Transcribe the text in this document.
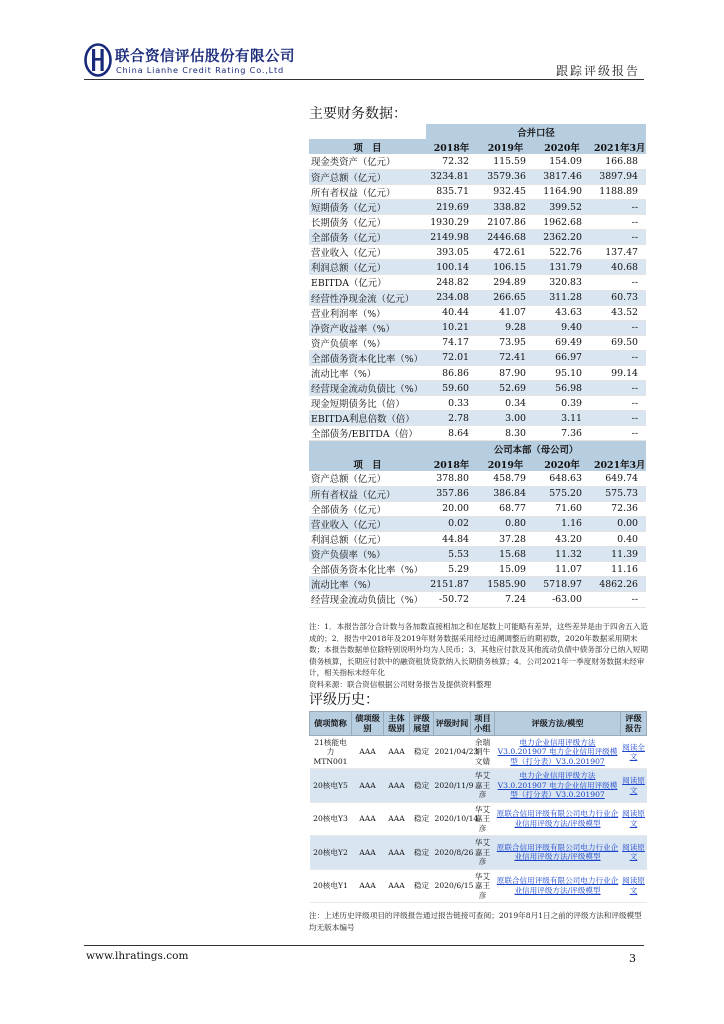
联合资信评估股份有限公司
China Lianhe Credit Rating Co.,Ltd	跟踪评级报告
主要财务数据：
	合并口径			
项　目	2018年	2019年	2020年	2021年3月
现金类资产（亿元）	72.32	115.59	154.09	166.88
资产总额（亿元）	3234.81	3579.36	3817.46	3897.94
所有者权益（亿元）	835.71	932.45	1164.90	1188.89
短期债务（亿元）	219.69	338.82	399.52	--
长期债务（亿元）	1930.29	2107.86	1962.68	--
全部债务（亿元）	2149.98	2446.68	2362.20	--
营业收入（亿元）	393.05	472.61	522.76	137.47
利润总额（亿元）	100.14	106.15	131.79	40.68
EBITDA（亿元）	248.82	294.89	320.83	--
经营性净现金流（亿元）	234.08	266.65	311.28	60.73
营业利润率（%）	40.44	41.07	43.63	43.52
净资产收益率（%）	10.21	9.28	9.40	--
资产负债率（%）	74.17	73.95	69.49	69.50
全部债务资本化比率（%）	72.01	72.41	66.97	--
流动比率（%）	86.86	87.90	95.10	99.14
经营现金流动负债比（%）	59.60	52.69	56.98	--
现金短期债务比（倍）	0.33	0.34	0.39	--
EBITDA利息倍数（倍）	2.78	3.00	3.11	--
全部债务/EBITDA（倍）	8.64	8.30	7.36	--
	公司本部（母公司）			
项　目	2018年	2019年	2020年	2021年3月
资产总额（亿元）	378.80	458.79	648.63	649.74
所有者权益（亿元）	357.86	386.84	575.20	575.73
全部债务（亿元）	20.00	68.77	71.60	72.36
营业收入（亿元）	0.02	0.80	1.16	0.00
利润总额（亿元）	44.84	37.28	43.20	0.40
资产负债率（%）	5.53	15.68	11.32	11.39
全部债务资本化比率（%）	5.29	15.09	11.07	11.16
流动比率（%）	2151.87	1585.90	5718.97	4862.26
经营现金流动负债比（%）	-50.72	7.24	-63.00	--
注：1．本报告部分合计数与各加数直接相加之和在尾数上可能略有差异，这些差异是由于四舍五入造成的；2．报告中2018年及2019年财务数据采用经过追溯调整后的期初数，2020年数据采用期末数；本报告数据单位除特别说明外均为人民币；3．其他应付款及其他流动负债中债务部分已纳入短期债务核算，长期应付款中的融资租赁贷款纳入长期债务核算；4．公司2021年一季度财务数据未经审计，相关指标未经年化
资料来源：联合资信根据公司财务报告及提供资料整理
评级历史：
债项简称	债项级别	主体级别	评级展望	评级时间	项目小组	评级方法/模型	评级报告
21核能电力MTN001	AAA	AAA	稳定	2021/04/23	余瑞娟牛文婧	电力企业信用评级方法V3.0.201907 电力企业信用评级模型（打分表）V3.0.201907	阅读全文
20核电Y5	AAA	AAA	稳定	2020/11/9	华艾嘉王彦	电力企业信用评级方法V3.0.201907 电力企业信用评级模型（打分表）V3.0.201907	阅读原文
20核电Y3	AAA	AAA	稳定	2020/10/14	华艾嘉王彦	原联合信用评级有限公司电力行业企业信用评级方法/评级模型	阅读原文
20核电Y2	AAA	AAA	稳定	2020/8/26	华艾嘉王彦	原联合信用评级有限公司电力行业企业信用评级方法/评级模型	阅读原文
20核电Y1	AAA	AAA	稳定	2020/6/15	华艾嘉王彦	原联合信用评级有限公司电力行业企业信用评级方法/评级模型	阅读原文
注：上述历史评级项目的评级报告通过报告链接可查阅；2019年8月1日之前的评级方法和评级模型均无版本编号
www.lhratings.com	3
